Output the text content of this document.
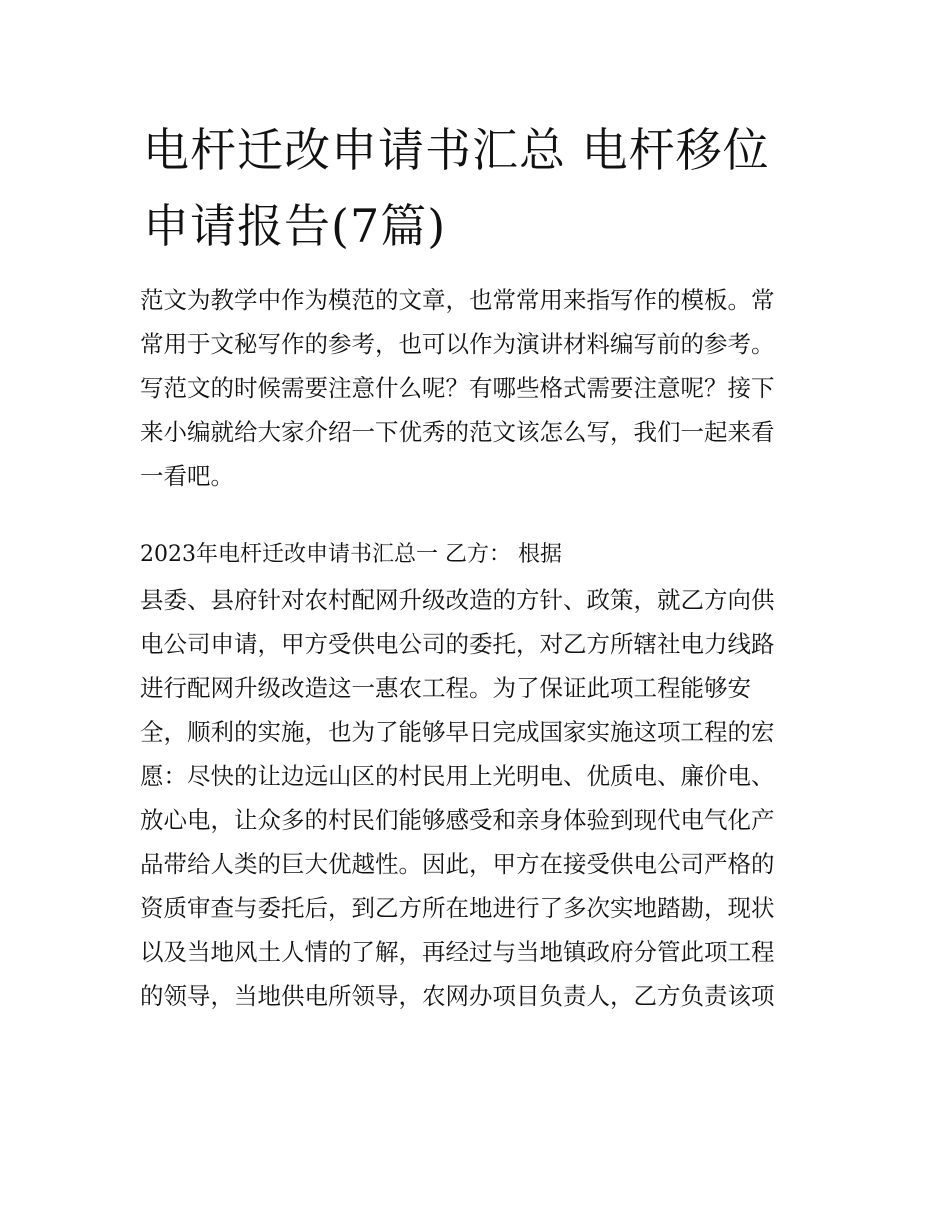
电杆迁改申请书汇总 电杆移位
申请报告(7篇)

范文为教学中作为模范的文章，也常常用来指写作的模板。常
常用于文秘写作的参考，也可以作为演讲材料编写前的参考。
写范文的时候需要注意什么呢？有哪些格式需要注意呢？接下
来小编就给大家介绍一下优秀的范文该怎么写，我们一起来看
一看吧。

2023年电杆迁改申请书汇总一 乙方： 根据

县委、县府针对农村配网升级改造的方针、政策，就乙方向供
电公司申请，甲方受供电公司的委托，对乙方所辖社电力线路
进行配网升级改造这一惠农工程。为了保证此项工程能够安
全，顺利的实施，也为了能够早日完成国家实施这项工程的宏
愿：尽快的让边远山区的村民用上光明电、优质电、廉价电、
放心电，让众多的村民们能够感受和亲身体验到现代电气化产
品带给人类的巨大优越性。因此，甲方在接受供电公司严格的
资质审查与委托后，到乙方所在地进行了多次实地踏勘，现状
以及当地风土人情的了解，再经过与当地镇政府分管此项工程
的领导，当地供电所领导，农网办项目负责人，乙方负责该项
